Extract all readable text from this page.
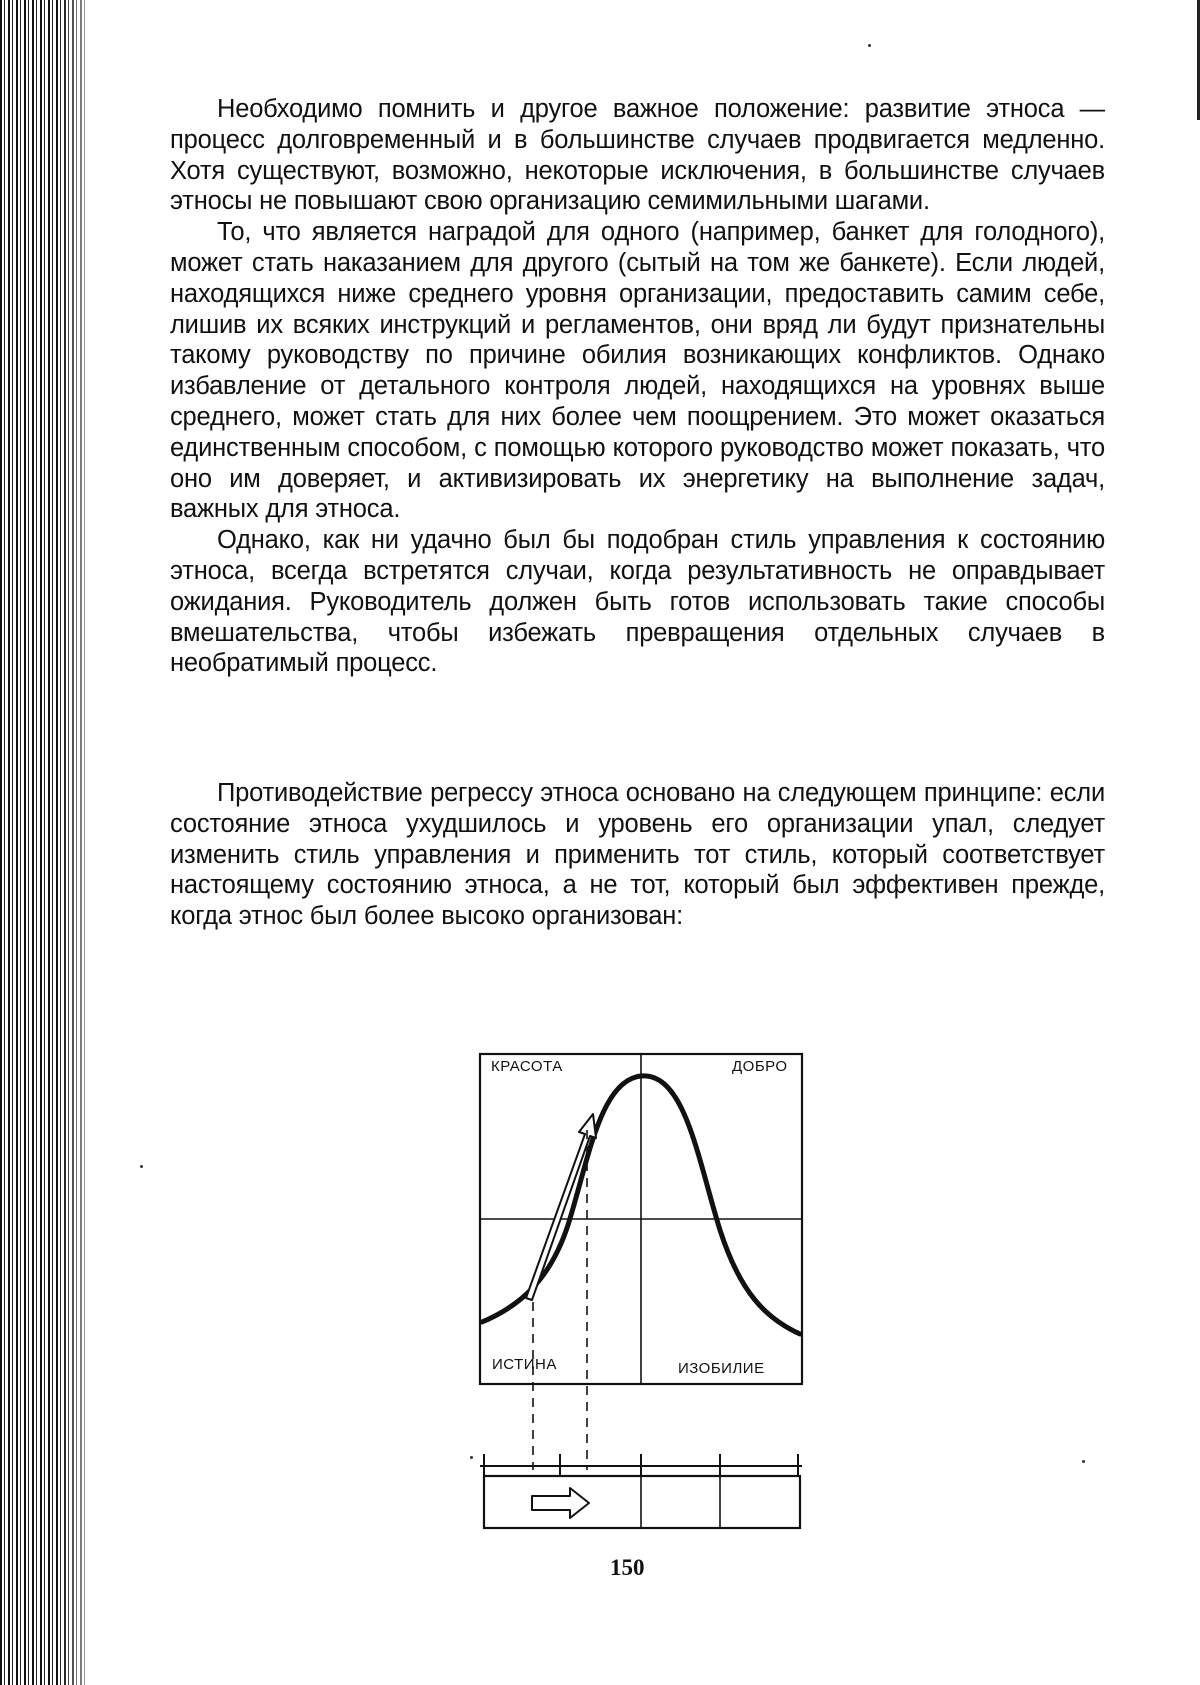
Необходимо помнить и другое важное положение: развитие этноса — процесс долговременный и в большинстве случаев продвигается медленно. Хотя существуют, возможно, некоторые исключения, в большинстве случаев этносы не повышают свою организацию семимильными шагами.

То, что является наградой для одного (например, банкет для голодного), может стать наказанием для другого (сытый на том же банкете). Если людей, находящихся ниже среднего уровня организации, предоставить самим себе, лишив их всяких инструкций и регламентов, они вряд ли будут признательны такому руководству по причине обилия возникающих конфликтов. Однако избавление от детального контроля людей, находящихся на уровнях выше среднего, может стать для них более чем поощрением. Это может оказаться единственным способом, с помощью которого руководство может показать, что оно им доверяет, и активизировать их энергетику на выполнение задач, важных для этноса.

Однако, как ни удачно был бы подобран стиль управления к состоянию этноса, всегда встретятся случаи, когда результативность не оправдывает ожидания. Руководитель должен быть готов использовать такие способы вмешательства, чтобы избежать превращения отдельных случаев в необратимый процесс.

Противодействие регрессу этноса основано на следующем принципе: если состояние этноса ухудшилось и уровень его организации упал, следует изменить стиль управления и применить тот стиль, который соответствует настоящему состоянию этноса, а не тот, который был эффективен прежде, когда этнос был более высоко организован:

КРАСОТА	ДОБРО
ИСТИНА	ИЗОБИЛИЕ
150
